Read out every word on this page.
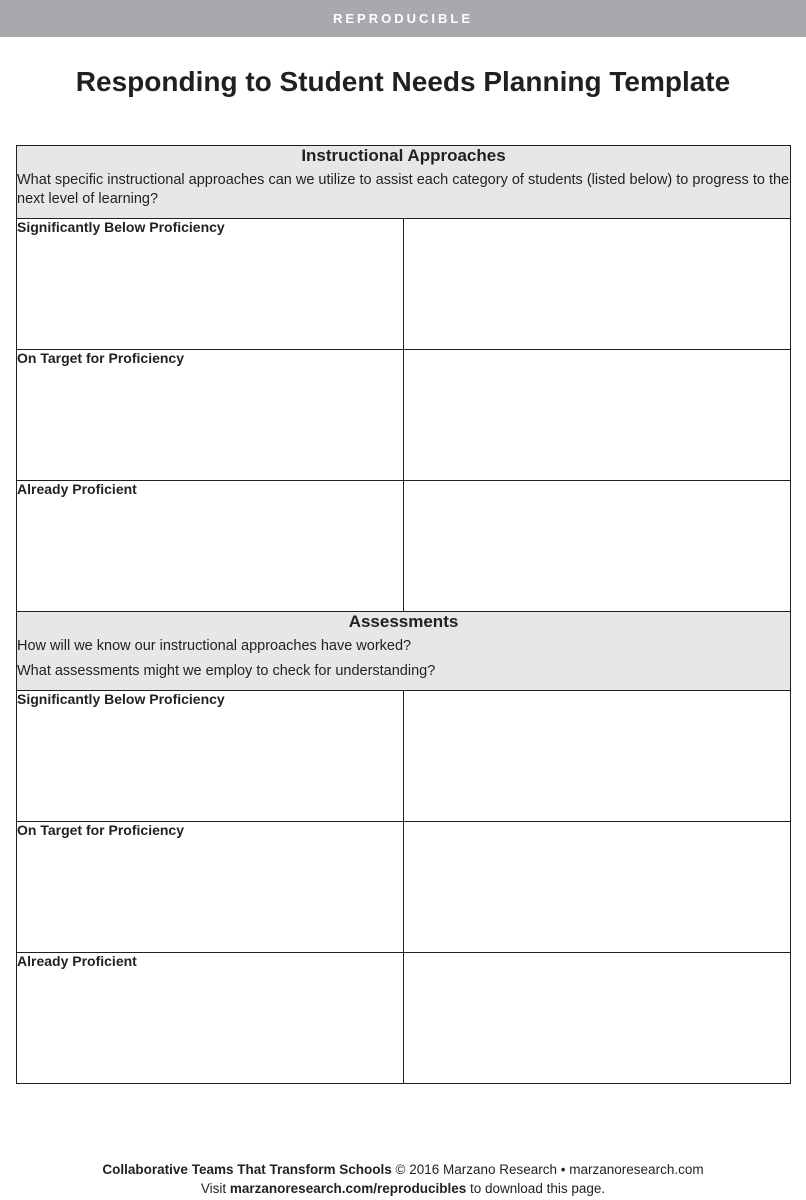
REPRODUCIBLE
Responding to Student Needs Planning Template
Instructional Approaches

What specific instructional approaches can we utilize to assist each category of students (listed below) to progress to the next level of learning?	

Significantly Below Proficiency	
On Target for Proficiency	
Already Proficient	

Assessments

How will we know our instructional approaches have worked?

What assessments might we employ to check for understanding?	

Significantly Below Proficiency	
On Target for Proficiency	
Already Proficient	
Collaborative Teams That Transform Schools © 2016 Marzano Research • marzanoresearch.com
Visit marzanoresearch.com/reproducibles to download this page.
